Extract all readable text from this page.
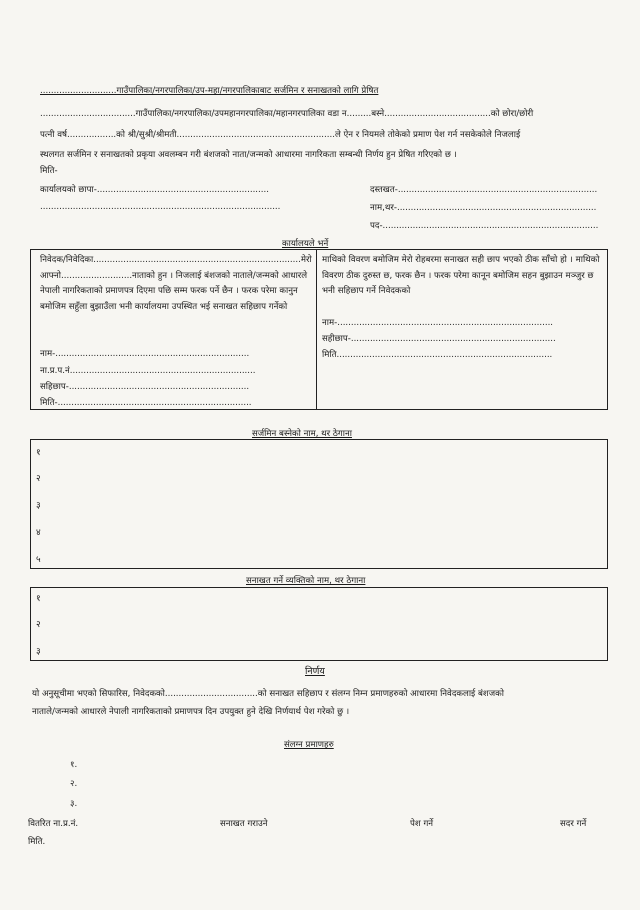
............................गाउँपालिका/नगरपालिका/उप-महा/नगरपालिकाबाट सर्जमिन र सनाखतको लागि प्रेषित
...................................गाउँपालिका/नगरपालिका/उपमहानगरपालिका/महानगरपालिका वडा न.........बस्ने.......................................को छोरा/छोरी
पत्नी वर्ष..................को श्री/सुश्री/श्रीमती..........................................................ले ऐन र नियमले तोकेको प्रमाण पेश गर्न नसकेकोले निजलाई
स्थलगत सर्जमिन र सनाखतको प्रकृया अवलम्बन गरी बंशजको नाता/जन्मको आधारमा नागरिकता सम्बन्धी निर्णय हुन प्रेषित गरिएको छ ।
मिति-
कार्यालयको छापा-...............................................................
........................................................................................
दस्तखत-.........................................................................
नाम,थर-.........................................................................
पद-...............................................................................
कार्यालयले भर्ने
निवेदक/निवेदिका............................................................................मेरो आफ्नो..........................नाताको हुन । निजलाई बंशजको नाताले/जन्मको आधारले नेपाली नागरिकताको प्रमाणपत्र दिएमा पछि सम्म फरक पर्ने छैन । फरक परेमा कानुन बमोजिम सहुँला बुझाउँला भनी कार्यालयमा उपस्थित भई सनाखत सहिछाप गर्नेको
नाम-.......................................................................
ना.प्र.प.नं....................................................................
सहिछाप-..................................................................
मिति-.......................................................................
माथिको विवरण बमोजिम मेरो रोहबरमा सनाखत सही छाप भएको ठीक साँचो हो । माथिको विवरण ठीक दुरुस्त छ, फरक छैन । फरक परेमा कानून बमोजिम सहन बुझाउन मञ्जुर छ भनी सहिछाप गर्ने निवेदकको
नाम-...............................................................................
सहीछाप-...........................................................................
मिति...............................................................................
सर्जमिन बस्नेको नाम, थर ठेगाना
१
२
३
४
५
सनाखत गर्ने व्यक्तिको नाम, थर ठेगाना
१
२
३
निर्णय
यो अनुसूचीमा भएको सिफारिस, निवेदकको..................................को सनाखत सहिछाप र संलग्न निम्न प्रमाणहरुको आधारमा निवेदकलाई बंशजको
नाताले/जन्मको आधारले नेपाली नागरिकताको प्रमाणपत्र दिन उपयुक्त हुने देखि निर्णयार्थ पेश गरेको छु ।
संलग्न प्रमाणहरु
१.
२.
३.
वितरित ना.प्र.नं.	सनाखत गराउने	पेश गर्ने	सदर गर्ने
मिति.
